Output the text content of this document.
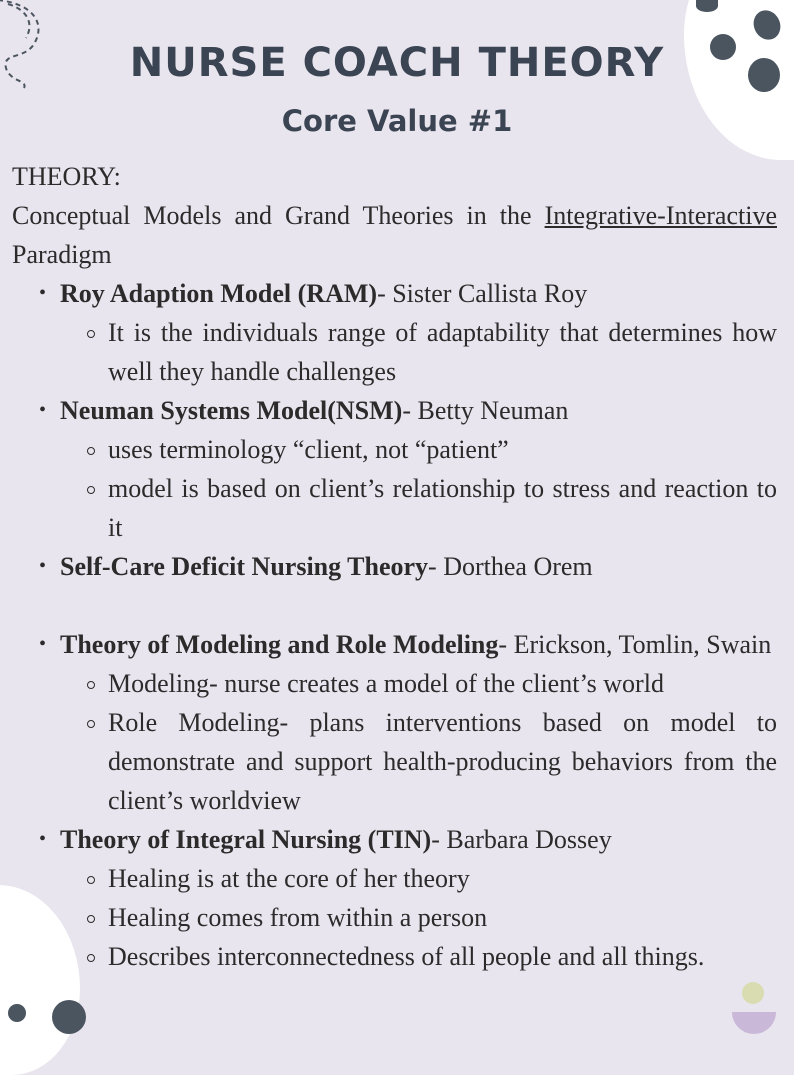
NURSE COACH THEORY
Core Value #1

THEORY:

Conceptual Models and Grand Theories in the Integrative-Interactive Paradigm

• Roy Adaption Model (RAM)- Sister Callista Roy
It is the individuals range of adaptability that determines how well they handle challenges
• Neuman Systems Model(NSM)- Betty Neuman
uses terminology “client, not “patient”
model is based on client’s relationship to stress and reaction to it
• Self-Care Deficit Nursing Theory- Dorthea Orem
• Theory of Modeling and Role Modeling- Erickson, Tomlin, Swain
Modeling- nurse creates a model of the client’s world
Role Modeling- plans interventions based on model to demonstrate and support health-producing behaviors from the client’s worldview
• Theory of Integral Nursing (TIN)- Barbara Dossey
Healing is at the core of her theory
Healing comes from within a person
Describes interconnectedness of all people and all things.
